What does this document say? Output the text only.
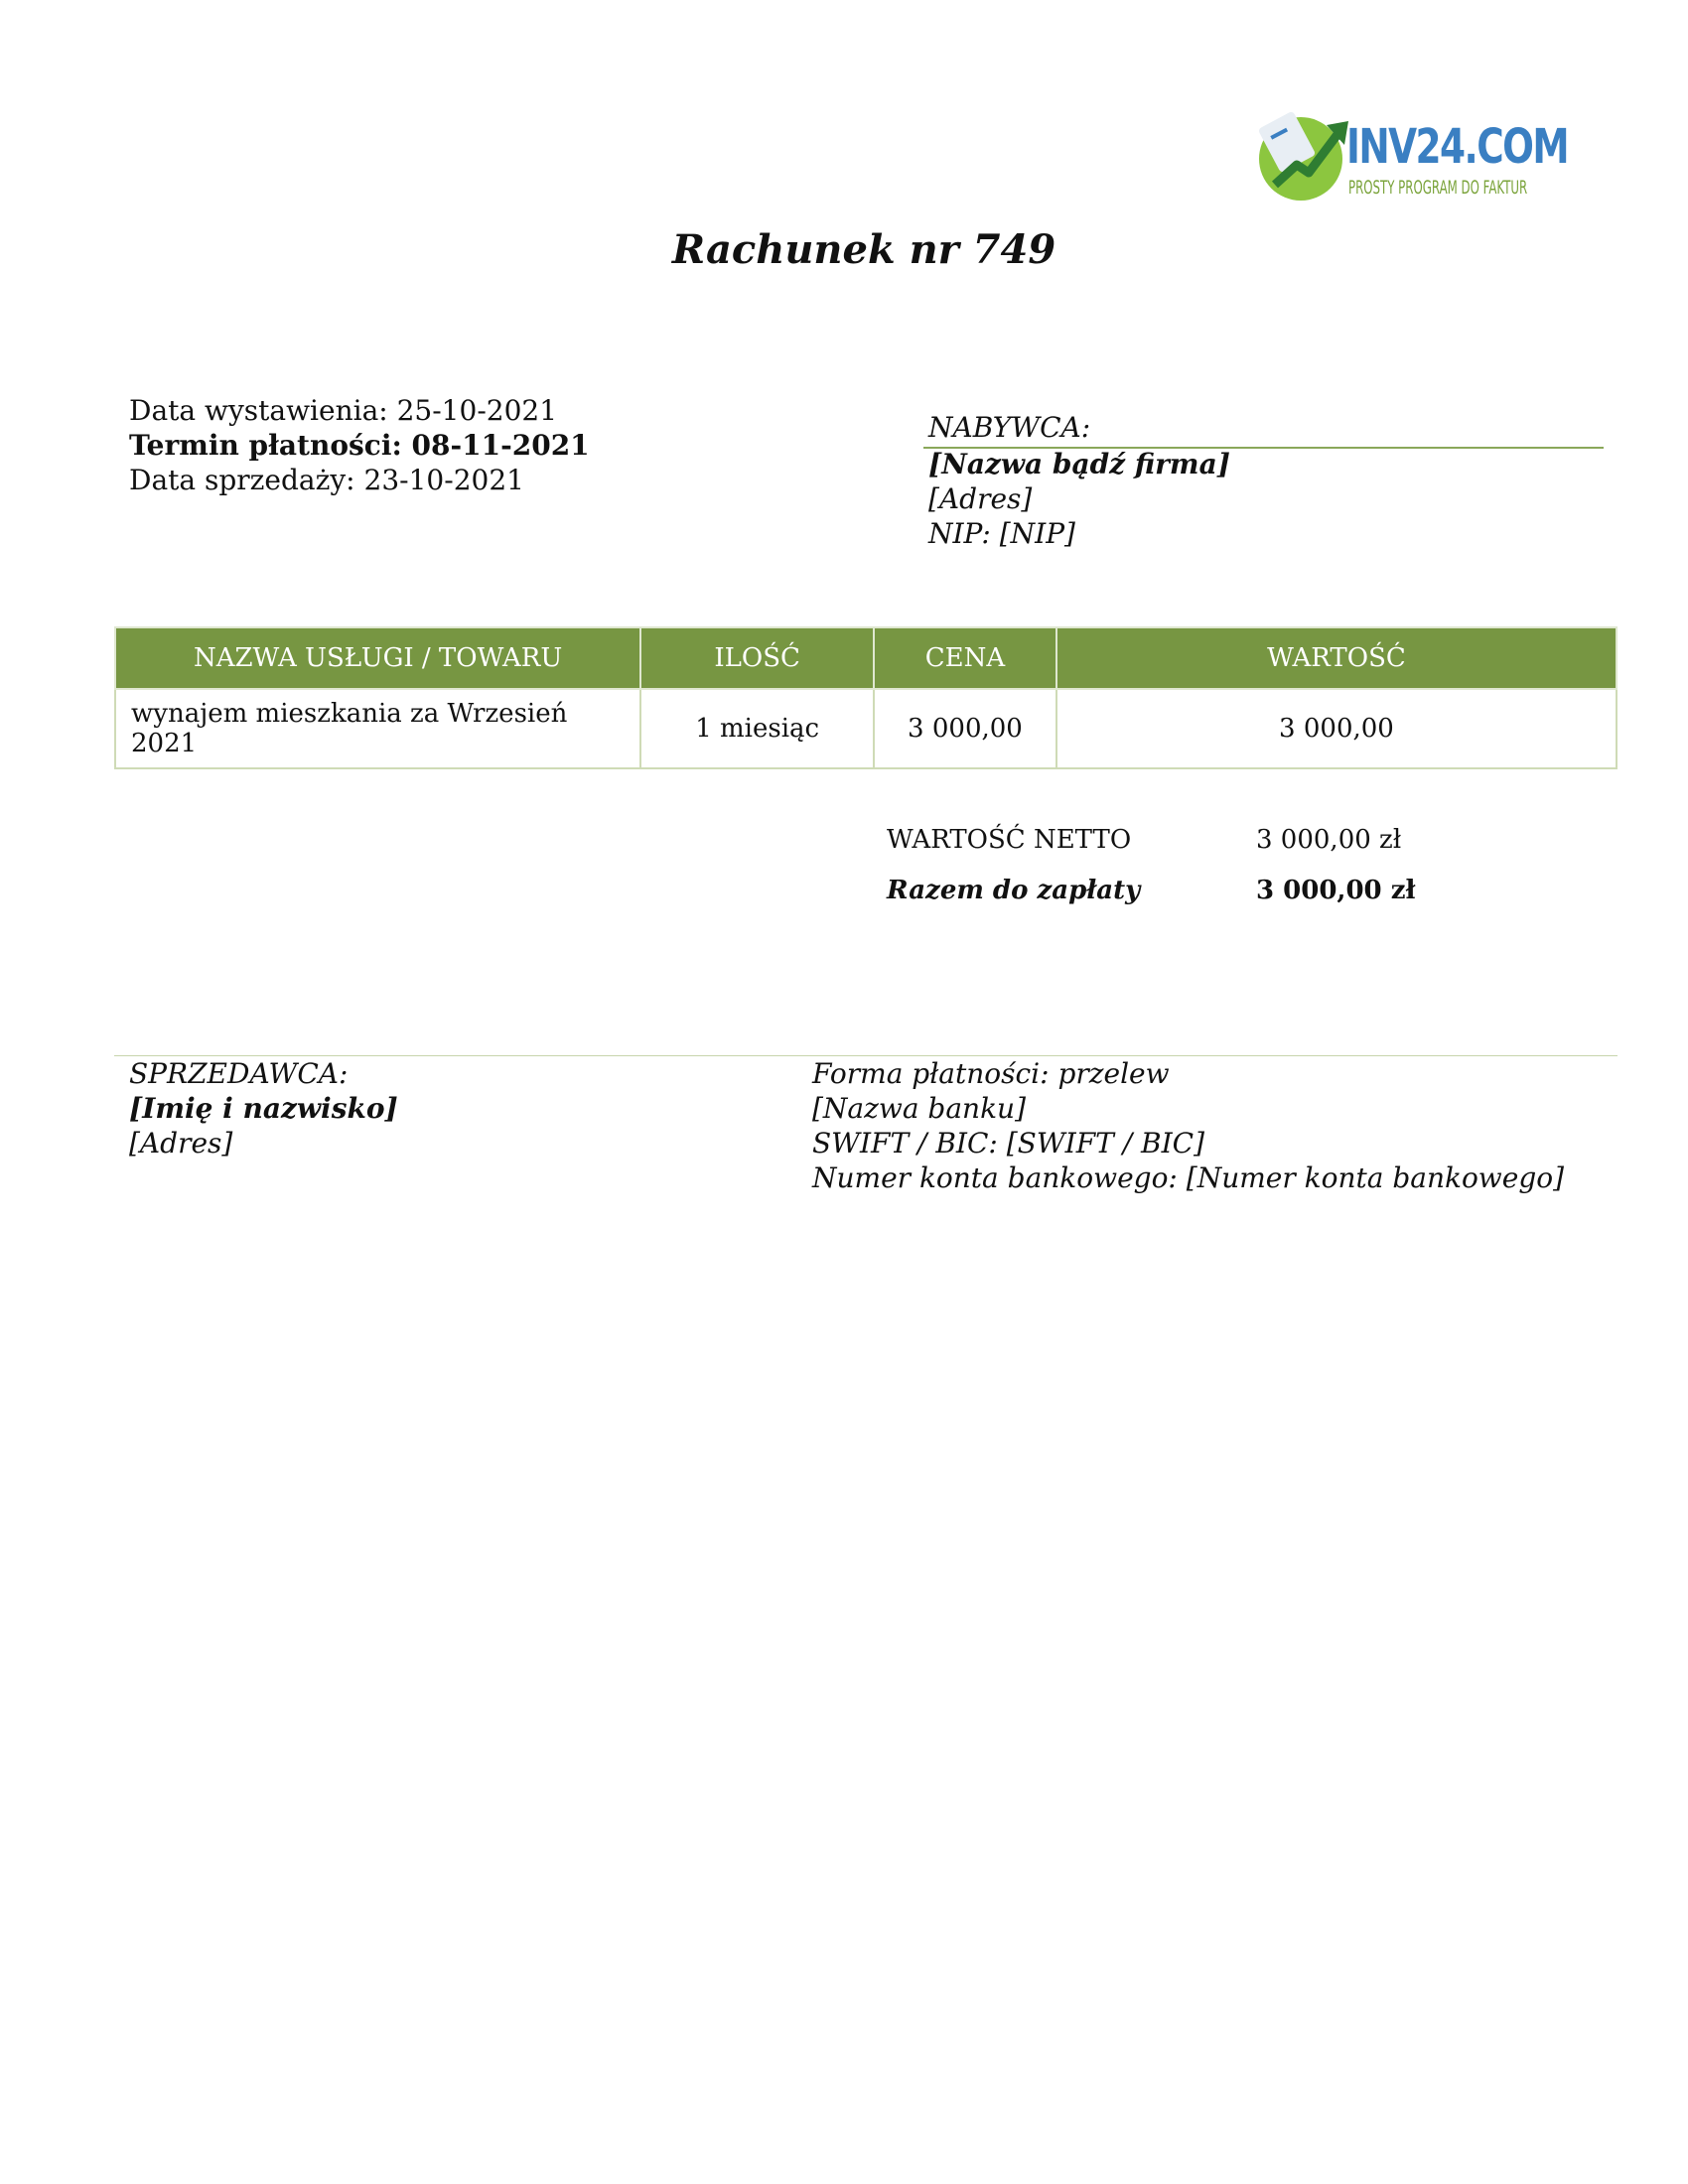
INV24.COM
PROSTY PROGRAM DO FAKTUR
Rachunek nr 749
Data wystawienia: 25-10-2021
Termin płatności: 08-11-2021
Data sprzedaży: 23-10-2021
NABYWCA:
[Nazwa bądź firma]
[Adres]
NIP: [NIP]
NAZWA USŁUGI / TOWARU	ILOŚĆ	CENA	WARTOŚĆ
wynajem mieszkania za Wrzesień 2021	1 miesiąc	3 000,00	3 000,00
WARTOŚĆ NETTO	3 000,00 zł
Razem do zapłaty	3 000,00 zł
SPRZEDAWCA:
[Imię i nazwisko]
[Adres]
Forma płatności: przelew
[Nazwa banku]
SWIFT / BIC: [SWIFT / BIC]
Numer konta bankowego: [Numer konta bankowego]
